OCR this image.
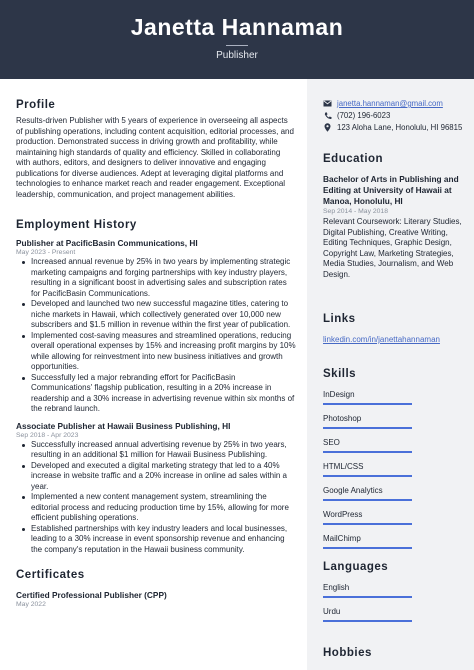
Janetta Hannaman
Publisher
Profile
Results-driven Publisher with 5 years of experience in overseeing all aspects of publishing operations, including content acquisition, editorial processes, and production. Demonstrated success in driving growth and profitability, while maintaining high standards of quality and efficiency. Skilled in collaborating with authors, editors, and designers to deliver innovative and engaging publications for diverse audiences. Adept at leveraging digital platforms and technologies to enhance market reach and reader engagement. Exceptional leadership, communication, and project management abilities.
Employment History
Publisher at PacificBasin Communications, HI
May 2023 - Present
Increased annual revenue by 25% in two years by implementing strategic marketing campaigns and forging partnerships with key industry players, resulting in a significant boost in advertising sales and subscription rates for PacificBasin Communications.
Developed and launched two new successful magazine titles, catering to niche markets in Hawaii, which collectively generated over 10,000 new subscribers and $1.5 million in revenue within the first year of publication.
Implemented cost-saving measures and streamlined operations, reducing overall operational expenses by 15% and increasing profit margins by 10% while allowing for reinvestment into new business initiatives and growth opportunities.
Successfully led a major rebranding effort for PacificBasin Communications' flagship publication, resulting in a 20% increase in readership and a 30% increase in advertising revenue within six months of the rebrand launch.
Associate Publisher at Hawaii Business Publishing, HI
Sep 2018 - Apr 2023
Successfully increased annual advertising revenue by 25% in two years, resulting in an additional $1 million for Hawaii Business Publishing.
Developed and executed a digital marketing strategy that led to a 40% increase in website traffic and a 20% increase in online ad sales within a year.
Implemented a new content management system, streamlining the editorial process and reducing production time by 15%, allowing for more efficient publishing operations.
Established partnerships with key industry leaders and local businesses, leading to a 30% increase in event sponsorship revenue and enhancing the company's reputation in the Hawaii business community.
Certificates
Certified Professional Publisher (CPP)
May 2022
janetta.hannaman@gmail.com
(702) 196-6023
123 Aloha Lane, Honolulu, HI 96815
Education
Bachelor of Arts in Publishing and Editing at University of Hawaii at Manoa, Honolulu, HI
Sep 2014 - May 2018
Relevant Coursework: Literary Studies, Digital Publishing, Creative Writing, Editing Techniques, Graphic Design, Copyright Law, Marketing Strategies, Media Studies, Journalism, and Web Design.
Links
linkedin.com/in/janettahannaman
Skills
InDesign
Photoshop
SEO
HTML/CSS
Google Analytics
WordPress
MailChimp
Languages
English
Urdu
Hobbies
